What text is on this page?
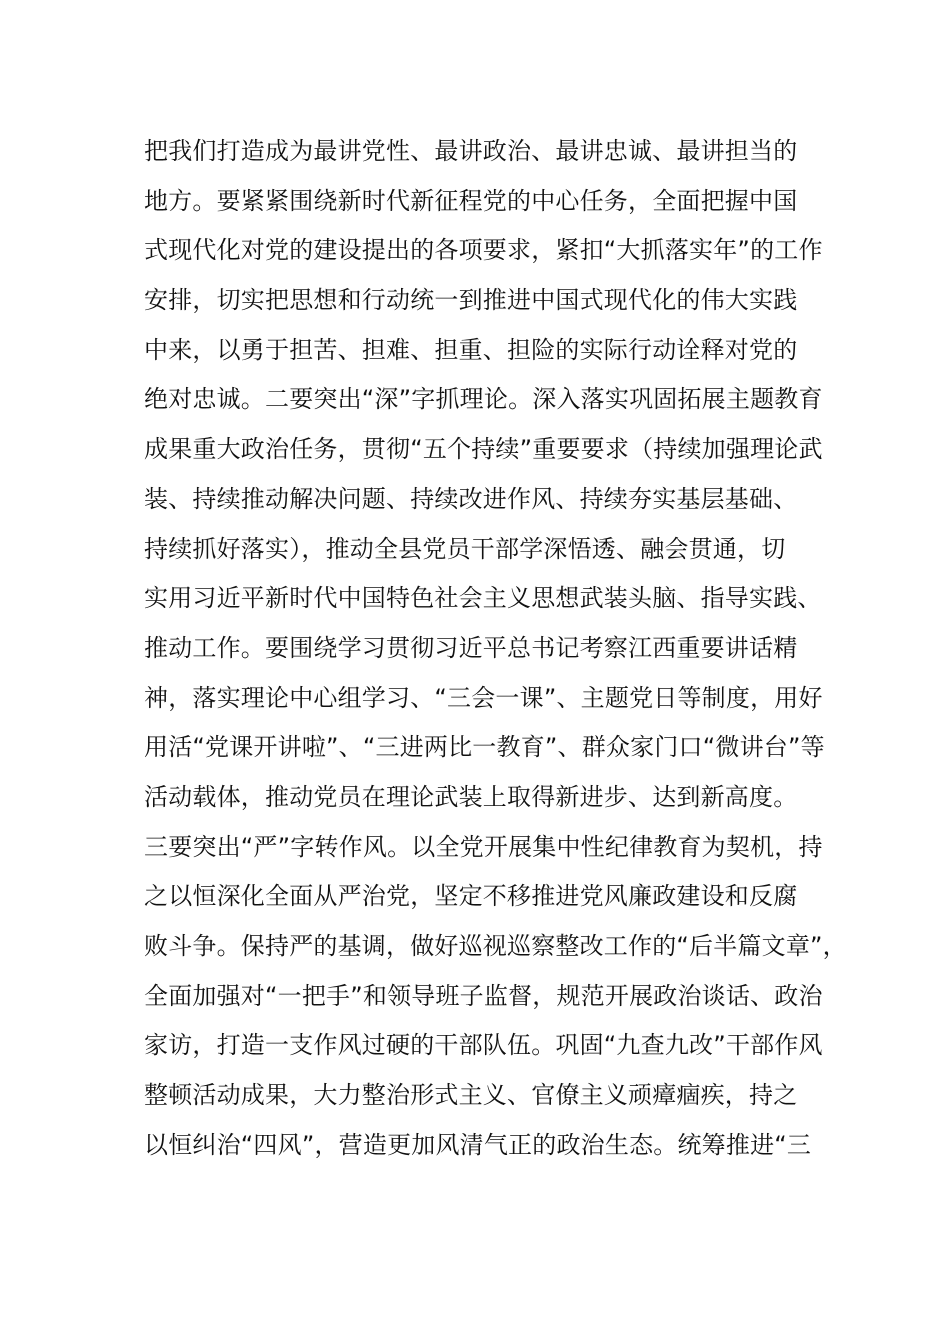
把我们打造成为最讲党性、最讲政治、最讲忠诚、最讲担当的
地方。要紧紧围绕新时代新征程党的中心任务，全面把握中国
式现代化对党的建设提出的各项要求，紧扣“大抓落实年”的工作
安排，切实把思想和行动统一到推进中国式现代化的伟大实践
中来，以勇于担苦、担难、担重、担险的实际行动诠释对党的
绝对忠诚。二要突出“深”字抓理论。深入落实巩固拓展主题教育
成果重大政治任务，贯彻“五个持续”重要要求（持续加强理论武
装、持续推动解决问题、持续改进作风、持续夯实基层基础、
持续抓好落实），推动全县党员干部学深悟透、融会贯通，切
实用习近平新时代中国特色社会主义思想武装头脑、指导实践、
推动工作。要围绕学习贯彻习近平总书记考察江西重要讲话精
神，落实理论中心组学习、“三会一课”、主题党日等制度，用好
用活“党课开讲啦”、“三进两比一教育”、群众家门口“微讲台”等
活动载体，推动党员在理论武装上取得新进步、达到新高度。
三要突出“严”字转作风。以全党开展集中性纪律教育为契机，持
之以恒深化全面从严治党，坚定不移推进党风廉政建设和反腐
败斗争。保持严的基调，做好巡视巡察整改工作的“后半篇文章”，
全面加强对“一把手”和领导班子监督，规范开展政治谈话、政治
家访，打造一支作风过硬的干部队伍。巩固“九查九改”干部作风
整顿活动成果，大力整治形式主义、官僚主义顽瘴痼疾，持之
以恒纠治“四风”，营造更加风清气正的政治生态。统筹推进“三
